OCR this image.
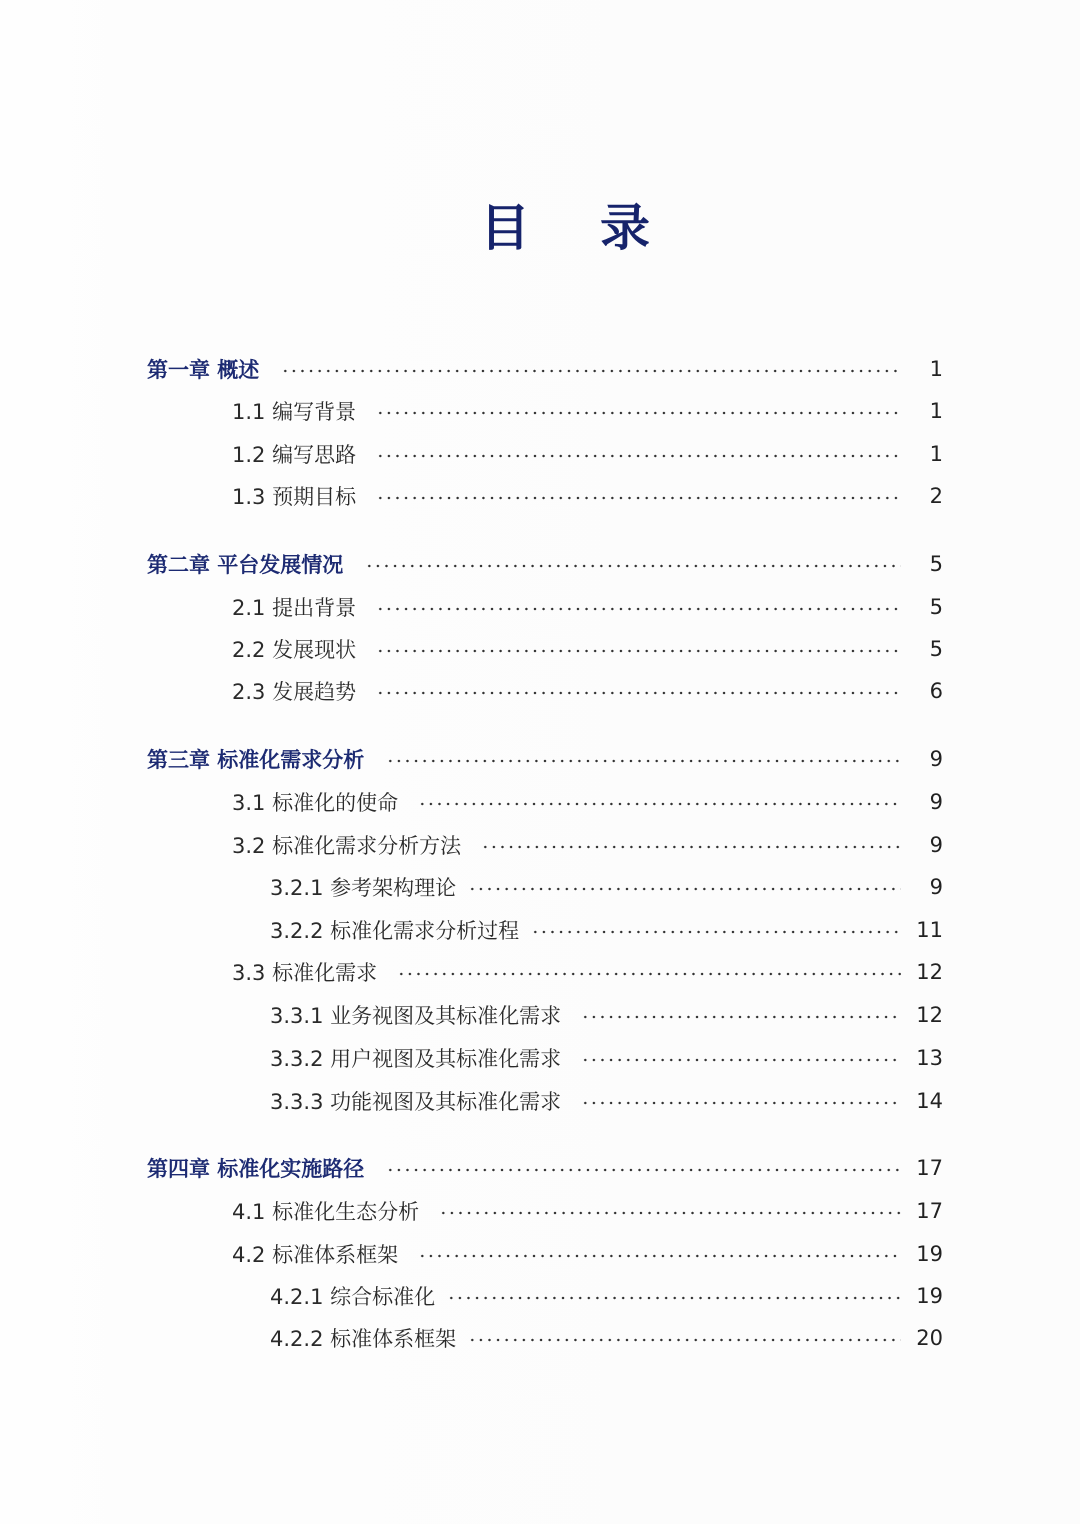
目 录
第一章 概述	1
1.1 编写背景	1
1.2 编写思路	1
1.3 预期目标	2
第二章 平台发展情况	5
2.1 提出背景	5
2.2 发展现状	5
2.3 发展趋势	6
第三章 标准化需求分析	9
3.1 标准化的使命	9
3.2 标准化需求分析方法	9
3.2.1 参考架构理论	9
3.2.2 标准化需求分析过程	11
3.3 标准化需求	12
3.3.1 业务视图及其标准化需求	12
3.3.2 用户视图及其标准化需求	13
3.3.3 功能视图及其标准化需求	14
第四章 标准化实施路径	17
4.1 标准化生态分析	17
4.2 标准体系框架	19
4.2.1 综合标准化	19
4.2.2 标准体系框架	20
